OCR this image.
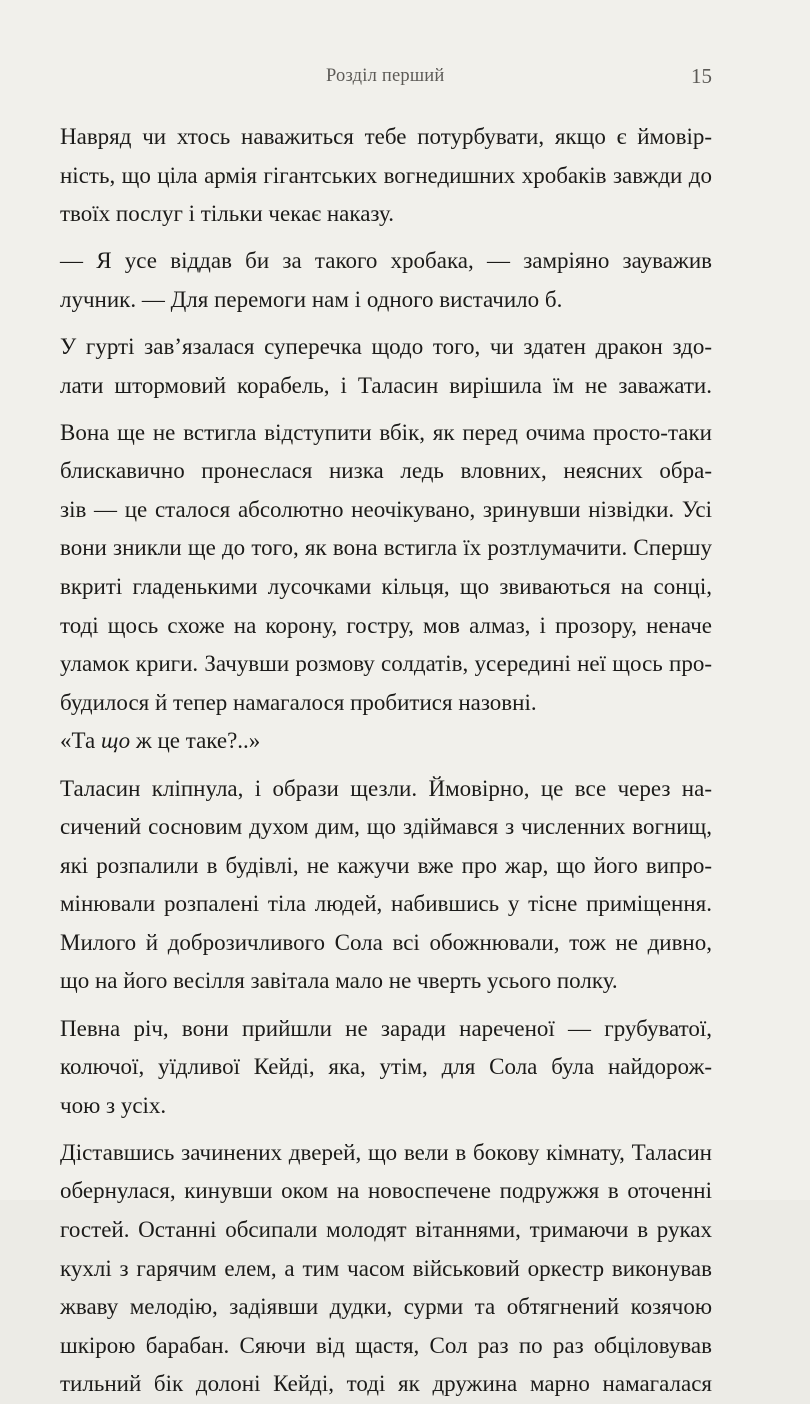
Розділ перший	15
Навряд чи хтось наважиться тебе потурбувати, якщо є ймовір-
ність, що ціла армія гігантських вогнедишних хробаків завжди до
твоїх послуг і тільки чекає наказу.
— Я усе віддав би за такого хробака, — замріяно зауважив
лучник. — Для перемоги нам і одного вистачило б.
У гурті зав’язалася суперечка щодо того, чи здатен дракон здо-
лати штормовий корабель, і Таласин вирішила їм не заважати.
Вона ще не встигла відступити вбік, як перед очима просто-таки
блискавично пронеслася низка ледь вловних, неясних обра-
зів — це сталося абсолютно неочікувано, зринувши нізвідки. Усі
вони зникли ще до того, як вона встигла їх розтлумачити. Спершу
вкриті гладенькими лусочками кільця, що звиваються на сонці,
тоді щось схоже на корону, гостру, мов алмаз, і прозору, неначе
уламок криги. Зачувши розмову солдатів, усередині неї щось про-
будилося й тепер намагалося пробитися назовні.
«Та що ж це таке?..»
Таласин кліпнула, і образи щезли. Ймовірно, це все через на-
сичений сосновим духом дим, що здіймався з численних вогнищ,
які розпалили в будівлі, не кажучи вже про жар, що його випро-
мінювали розпалені тіла людей, набившись у тісне приміщення.
Милого й доброзичливого Сола всі обожнювали, тож не дивно,
що на його весілля завітала мало не чверть усього полку.
Певна річ, вони прийшли не заради нареченої — грубуватої,
колючої, уїдливої Кейді, яка, утім, для Сола була найдорож-
чою з усіх.
Діставшись зачинених дверей, що вели в бокову кімнату, Таласин
обернулася, кинувши оком на новоспечене подружжя в оточенні
гостей. Останні обсипали молодят вітаннями, тримаючи в руках
кухлі з гарячим елем, а тим часом військовий оркестр виконував
жваву мелодію, задіявши дудки, сурми та обтягнений козячою
шкірою барабан. Сяючи від щастя, Сол раз по раз обціловував
тильний бік долоні Кейді, тоді як дружина марно намагалася
